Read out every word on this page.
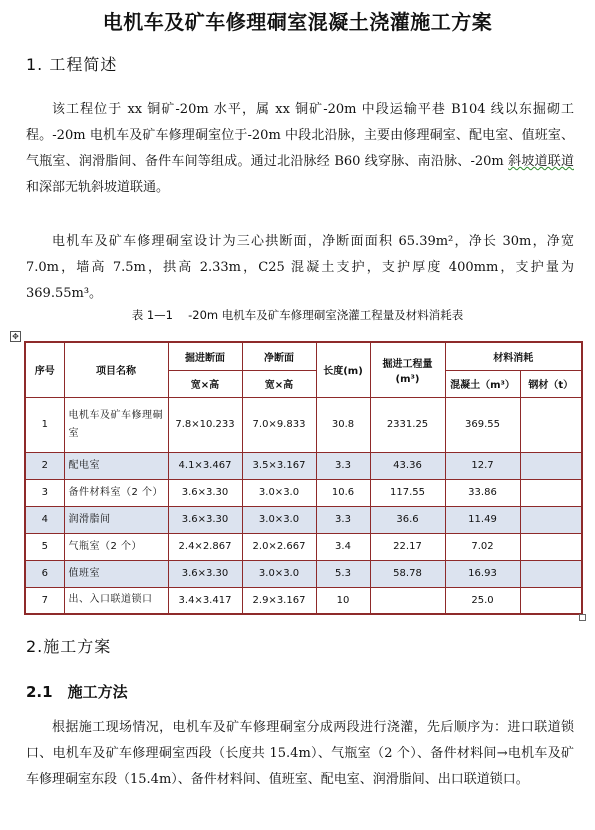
电机车及矿车修理硐室混凝土浇灌施工方案
1. 工程简述
该工程位于 xx 铜矿-20m 水平，属 xx 铜矿-20m 中段运输平巷 B104 线以东掘砌工程。-20m 电机车及矿车修理硐室位于-20m 中段北沿脉，主要由修理硐室、配电室、值班室、气瓶室、润滑脂间、备件车间等组成。通过北沿脉经 B60 线穿脉、南沿脉、-20m 斜坡道联道和深部无轨斜坡道联通。
电机车及矿车修理硐室设计为三心拱断面，净断面面积 65.39m²，净长 30m，净宽 7.0m，墙高 7.5m，拱高 2.33m，C25 混凝土支护，支护厚度 400mm，支护量为 369.55m³。
表 1—1　 -20m 电机车及矿车修理硐室浇灌工程量及材料消耗表
✥
序号	项目名称	掘进断面	净断面	长度(m)	掘进工程量
(m³)	材料消耗	
		宽×高	宽×高			混凝土（m³）	钢材（t）
1	电机车及矿车修理硐室	7.8×10.233	7.0×9.833	30.8	2331.25	369.55	
2	配电室	4.1×3.467	3.5×3.167	3.3	43.36	12.7	
3	备件材料室（2 个）	3.6×3.30	3.0×3.0	10.6	117.55	33.86	
4	润滑脂间	3.6×3.30	3.0×3.0	3.3	36.6	11.49	
5	气瓶室（2 个）	2.4×2.867	2.0×2.667	3.4	22.17	7.02	
6	值班室	3.6×3.30	3.0×3.0	5.3	58.78	16.93	
7	出、入口联道锁口	3.4×3.417	2.9×3.167	10		25.0	
2.施工方案
2.1　施工方法
根据施工现场情况，电机车及矿车修理硐室分成两段进行浇灌，先后顺序为：进口联道锁口、电机车及矿车修理硐室西段（长度共 15.4m）、气瓶室（2 个）、备件材料间→电机车及矿车修理硐室东段（15.4m）、备件材料间、值班室、配电室、润滑脂间、出口联道锁口。
